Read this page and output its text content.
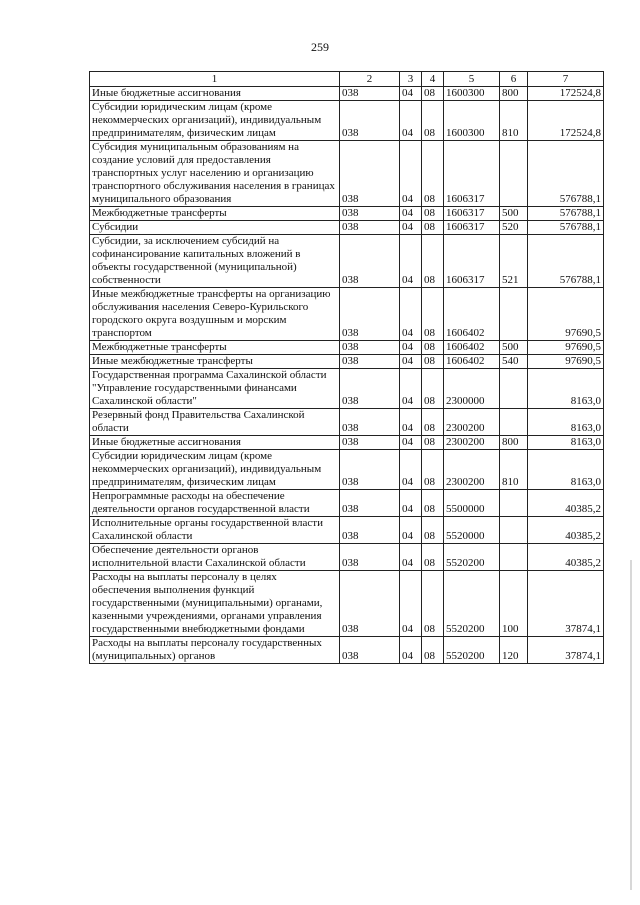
259
1	2	3	4	5	6	7
Иные бюджетные ассигнования	038	04	08	1600300	800	172524,8
Субсидии юридическим лицам (кроме некоммерческих организаций), индивидуальным предпринимателям, физическим лицам	038	04	08	1600300	810	172524,8
Субсидия муниципальным образованиям на создание условий для предоставления транспортных услуг населению и организацию транспортного обслуживания населения в границах муниципального образования	038	04	08	1606317		576788,1
Межбюджетные трансферты	038	04	08	1606317	500	576788,1
Субсидии	038	04	08	1606317	520	576788,1
Субсидии, за исключением субсидий на софинансирование капитальных вложений в объекты государственной (муниципальной) собственности	038	04	08	1606317	521	576788,1
Иные межбюджетные трансферты на организацию обслуживания населения Северо-Курильского городского округа воздушным и морским транспортом	038	04	08	1606402		97690,5
Межбюджетные трансферты	038	04	08	1606402	500	97690,5
Иные межбюджетные трансферты	038	04	08	1606402	540	97690,5
Государственная программа Сахалинской области "Управление государственными финансами Сахалинской области"	038	04	08	2300000		8163,0
Резервный фонд Правительства Сахалинской области	038	04	08	2300200		8163,0
Иные бюджетные ассигнования	038	04	08	2300200	800	8163,0
Субсидии юридическим лицам (кроме некоммерческих организаций), индивидуальным предпринимателям, физическим лицам	038	04	08	2300200	810	8163,0
Непрограммные расходы на обеспечение деятельности органов государственной власти	038	04	08	5500000		40385,2
Исполнительные органы государственной власти Сахалинской области	038	04	08	5520000		40385,2
Обеспечение деятельности органов исполнительной власти Сахалинской области	038	04	08	5520200		40385,2
Расходы на выплаты персоналу в целях обеспечения выполнения функций государственными (муниципальными) органами, казенными учреждениями, органами управления государственными внебюджетными фондами	038	04	08	5520200	100	37874,1
Расходы на выплаты персоналу государственных (муниципальных) органов	038	04	08	5520200	120	37874,1
